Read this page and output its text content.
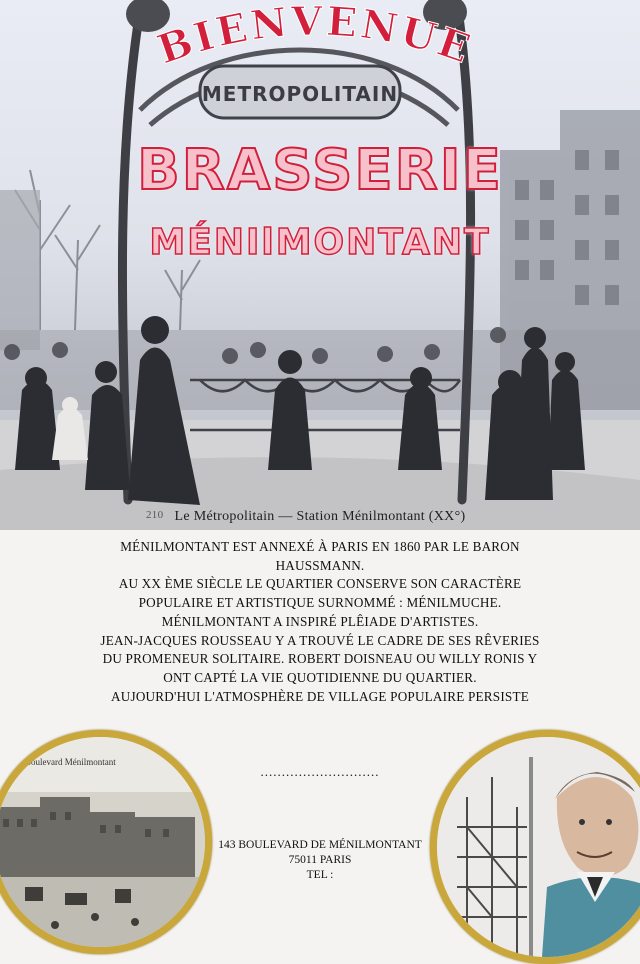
METROPOLITAIN
BIENVENUE
BRASSERIE
MÉNIlMONTANT
210 Le Métropolitain — Station Ménilmontant (XX°)

MÉNILMONTANT EST ANNEXÉ À PARIS EN 1860 PAR LE BARON HAUSSMANN.

AU XX ÈME SIÈCLE LE QUARTIER CONSERVE SON CARACTÈRE POPULAIRE ET ARTISTIQUE SURNOMMÉ : MÉNILMUCHE.

MÉNILMONTANT A INSPIRÉ PLÊIADE D'ARTISTES.

JEAN-JACQUES ROUSSEAU Y A TROUVÉ LE CADRE DE SES RÊVERIES DU PROMENEUR SOLITAIRE. ROBERT DOISNEAU OU WILLY RONIS Y ONT CAPTÉ LA VIE QUOTIDIENNE DU QUARTIER.

AUJOURD'HUI L'ATMOSPHÈRE DE VILLAGE POPULAIRE PERSISTE

............................
Boulevard Ménilmontant
143 BOULEVARD DE MÉNILMONTANT
75011 PARIS
TEL :
